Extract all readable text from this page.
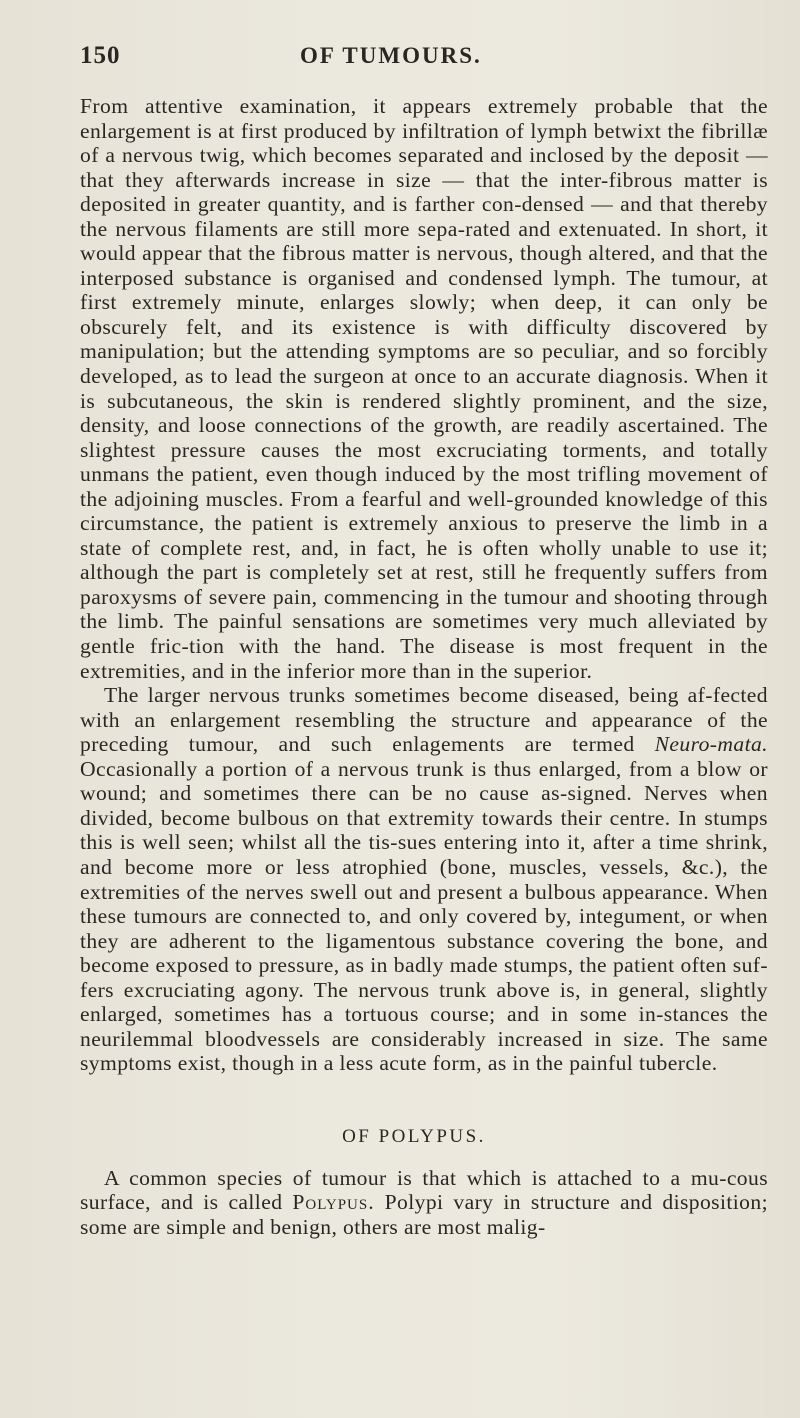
150	OF TUMOURS.

From attentive examination, it appears extremely probable that the enlargement is at first produced by infiltration of lymph betwixt the fibrillæ of a nervous twig, which becomes separated and inclosed by the deposit — that they afterwards increase in size — that the inter-fibrous matter is deposited in greater quantity, and is farther con-densed — and that thereby the nervous filaments are still more sepa-rated and extenuated. In short, it would appear that the fibrous matter is nervous, though altered, and that the interposed substance is organised and condensed lymph. The tumour, at first extremely minute, enlarges slowly; when deep, it can only be obscurely felt, and its existence is with difficulty discovered by manipulation; but the attending symptoms are so peculiar, and so forcibly developed, as to lead the surgeon at once to an accurate diagnosis. When it is subcutaneous, the skin is rendered slightly prominent, and the size, density, and loose connections of the growth, are readily ascertained. The slightest pressure causes the most excruciating torments, and totally unmans the patient, even though induced by the most trifling movement of the adjoining muscles. From a fearful and well-grounded knowledge of this circumstance, the patient is extremely anxious to preserve the limb in a state of complete rest, and, in fact, he is often wholly unable to use it; although the part is completely set at rest, still he frequently suffers from paroxysms of severe pain, commencing in the tumour and shooting through the limb. The painful sensations are sometimes very much alleviated by gentle fric-tion with the hand. The disease is most frequent in the extremities, and in the inferior more than in the superior.

The larger nervous trunks sometimes become diseased, being af-fected with an enlargement resembling the structure and appearance of the preceding tumour, and such enlagements are termed Neuro-mata. Occasionally a portion of a nervous trunk is thus enlarged, from a blow or wound; and sometimes there can be no cause as-signed. Nerves when divided, become bulbous on that extremity towards their centre. In stumps this is well seen; whilst all the tis-sues entering into it, after a time shrink, and become more or less atrophied (bone, muscles, vessels, &c.), the extremities of the nerves swell out and present a bulbous appearance. When these tumours are connected to, and only covered by, integument, or when they are adherent to the ligamentous substance covering the bone, and become exposed to pressure, as in badly made stumps, the patient often suf-fers excruciating agony. The nervous trunk above is, in general, slightly enlarged, sometimes has a tortuous course; and in some in-stances the neurilemmal bloodvessels are considerably increased in size. The same symptoms exist, though in a less acute form, as in the painful tubercle.

OF POLYPUS.

A common species of tumour is that which is attached to a mu-cous surface, and is called Polypus. Polypi vary in structure and disposition; some are simple and benign, others are most malig-
